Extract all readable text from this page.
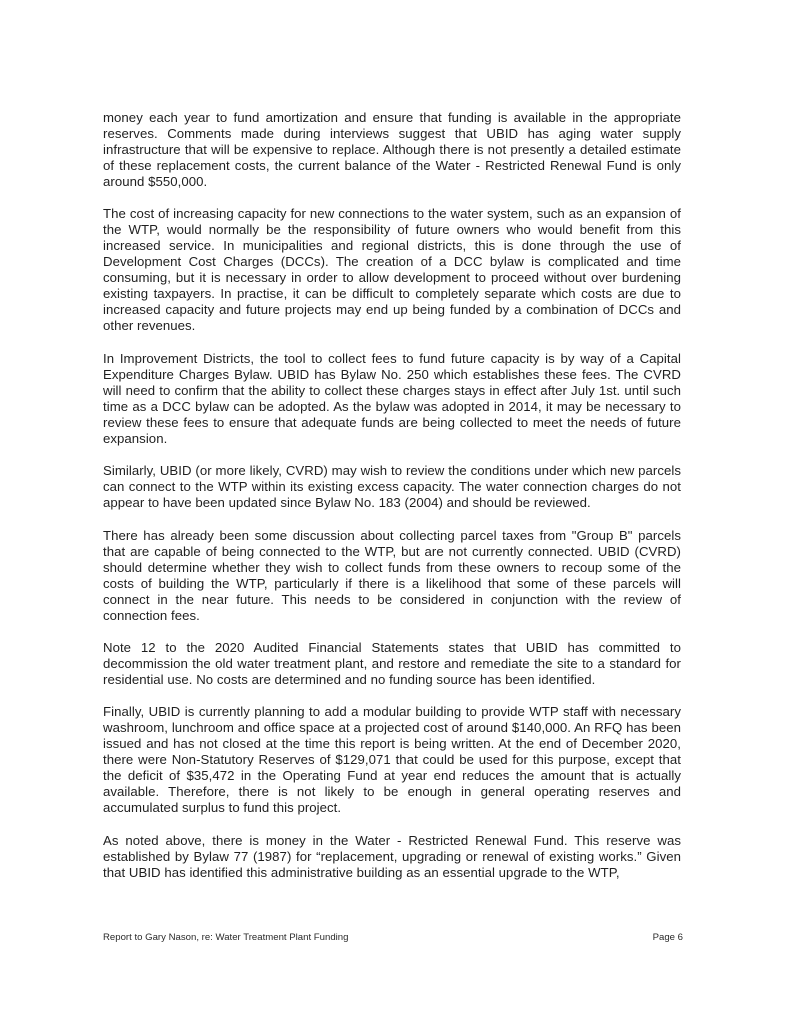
money each year to fund amortization and ensure that funding is available in the appropriate reserves. Comments made during interviews suggest that UBID has aging water supply infrastructure that will be expensive to replace. Although there is not presently a detailed estimate of these replacement costs, the current balance of the Water - Restricted Renewal Fund is only around $550,000.

The cost of increasing capacity for new connections to the water system, such as an expansion of the WTP, would normally be the responsibility of future owners who would benefit from this increased service. In municipalities and regional districts, this is done through the use of Development Cost Charges (DCCs). The creation of a DCC bylaw is complicated and time consuming, but it is necessary in order to allow development to proceed without over burdening existing taxpayers. In practise, it can be difficult to completely separate which costs are due to increased capacity and future projects may end up being funded by a combination of DCCs and other revenues.

In Improvement Districts, the tool to collect fees to fund future capacity is by way of a Capital Expenditure Charges Bylaw. UBID has Bylaw No. 250 which establishes these fees. The CVRD will need to confirm that the ability to collect these charges stays in effect after July 1st. until such time as a DCC bylaw can be adopted. As the bylaw was adopted in 2014, it may be necessary to review these fees to ensure that adequate funds are being collected to meet the needs of future expansion.

Similarly, UBID (or more likely, CVRD) may wish to review the conditions under which new parcels can connect to the WTP within its existing excess capacity. The water connection charges do not appear to have been updated since Bylaw No. 183 (2004) and should be reviewed.

There has already been some discussion about collecting parcel taxes from "Group B" parcels that are capable of being connected to the WTP, but are not currently connected. UBID (CVRD) should determine whether they wish to collect funds from these owners to recoup some of the costs of building the WTP, particularly if there is a likelihood that some of these parcels will connect in the near future. This needs to be considered in conjunction with the review of connection fees.

Note 12 to the 2020 Audited Financial Statements states that UBID has committed to decommission the old water treatment plant, and restore and remediate the site to a standard for residential use. No costs are determined and no funding source has been identified.

Finally, UBID is currently planning to add a modular building to provide WTP staff with necessary washroom, lunchroom and office space at a projected cost of around $140,000. An RFQ has been issued and has not closed at the time this report is being written. At the end of December 2020, there were Non-Statutory Reserves of $129,071 that could be used for this purpose, except that the deficit of $35,472 in the Operating Fund at year end reduces the amount that is actually available. Therefore, there is not likely to be enough in general operating reserves and accumulated surplus to fund this project.

As noted above, there is money in the Water - Restricted Renewal Fund. This reserve was established by Bylaw 77 (1987) for “replacement, upgrading or renewal of existing works.” Given that UBID has identified this administrative building as an essential upgrade to the WTP,

Report to Gary Nason, re: Water Treatment Plant Funding	Page 6
